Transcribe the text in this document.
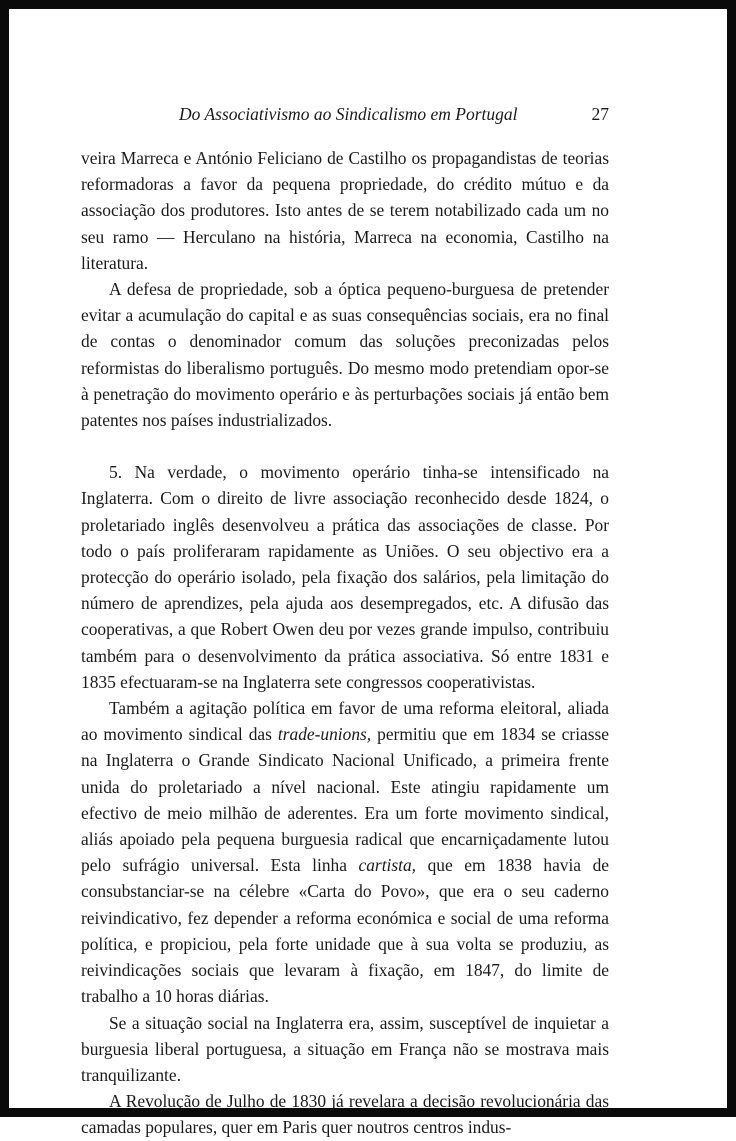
Do Associativismo ao Sindicalismo em Portugal	27

veira Marreca e António Feliciano de Castilho os propagandistas de teorias reformadoras a favor da pequena propriedade, do crédito mútuo e da associação dos produtores. Isto antes de se terem notabilizado cada um no seu ramo — Herculano na história, Marreca na economia, Castilho na literatura.

A defesa de propriedade, sob a óptica pequeno-burguesa de pretender evitar a acumulação do capital e as suas consequências sociais, era no final de contas o denominador comum das soluções preconizadas pelos reformistas do liberalismo português. Do mesmo modo pretendiam opor-se à penetração do movimento operário e às perturbações sociais já então bem patentes nos países industrializados.

5. Na verdade, o movimento operário tinha-se intensificado na Inglaterra. Com o direito de livre associação reconhecido desde 1824, o proletariado inglês desenvolveu a prática das associações de classe. Por todo o país proliferaram rapidamente as Uniões. O seu objectivo era a protecção do operário isolado, pela fixação dos salários, pela limitação do número de aprendizes, pela ajuda aos desempregados, etc. A difusão das cooperativas, a que Robert Owen deu por vezes grande impulso, contribuiu também para o desenvolvimento da prática associativa. Só entre 1831 e 1835 efectuaram-se na Inglaterra sete congressos cooperativistas.

Também a agitação política em favor de uma reforma eleitoral, aliada ao movimento sindical das trade-unions, permitiu que em 1834 se criasse na Inglaterra o Grande Sindicato Nacional Unificado, a primeira frente unida do proletariado a nível nacional. Este atingiu rapidamente um efectivo de meio milhão de aderentes. Era um forte movimento sindical, aliás apoiado pela pequena burguesia radical que encarniçadamente lutou pelo sufrágio universal. Esta linha cartista, que em 1838 havia de consubstanciar-se na célebre «Carta do Povo», que era o seu caderno reivindicativo, fez depender a reforma económica e social de uma reforma política, e propiciou, pela forte unidade que à sua volta se produziu, as reivindicações sociais que levaram à fixação, em 1847, do limite de trabalho a 10 horas diárias.

Se a situação social na Inglaterra era, assim, susceptível de inquietar a burguesia liberal portuguesa, a situação em França não se mostrava mais tranquilizante.

A Revolução de Julho de 1830 já revelara a decisão revolucionária das camadas populares, quer em Paris quer noutros centros indus-
